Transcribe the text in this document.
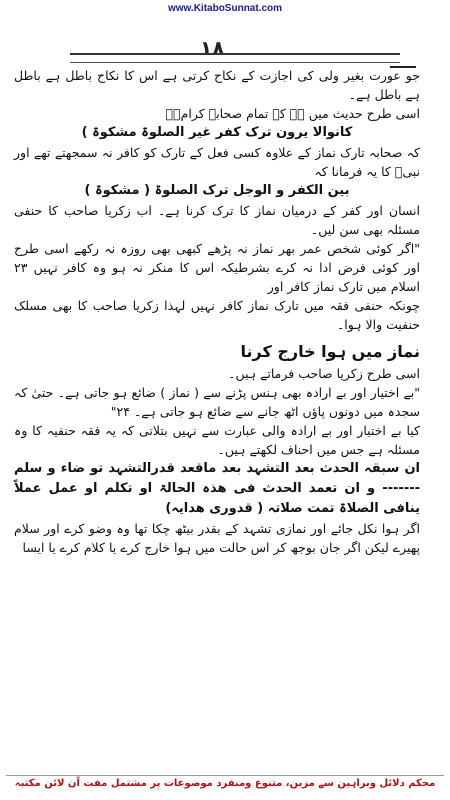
www.KitaboSunnat.com
۱۸

جو عورت بغیر ولی کی اجازت کے نکاح کرتی ہے اس کا نکاح باطل ہے باطل ہے باطل ہے۔

اسی طرح حدیث میں ہے کہ تمام صحابہ کرامؓ۔

کانوالا یرون ترک کفر غیر الصلوۃ مشکوۃ )

کہ صحابہ تارک نماز کے علاوہ کسی فعل کے تارک کو کافر نہ سمجھتے تھے اور نبیؐ کا یہ فرمانا کہ

بین الکفر و الوجل ترک الصلوۃ ( مشکوۃ )

انسان اور کفر کے درمیان نماز کا ترک کرنا ہے۔ اب زکریا صاحب کا حنفی مسئلہ بھی سن لیں۔

"اگر کوئی شخص عمر بھر نماز نہ پڑھے کبھی بھی روزہ نہ رکھے اسی طرح اور کوئی فرض ادا نہ کرے بشرطیکہ اس کا منکر نہ ہو وہ کافر نہیں ۲۳ اسلام میں تارک نماز کافر اور

چونکہ حنفی فقہ میں تارک نماز کافر نہیں لہذا زکریا صاحب کا بھی مسلک حنفیت والا ہوا۔

نماز میں ہوا خارج کرنا

اسی طرح زکریا صاحب فرماتے ہیں۔

"بے اختیار اور بے ارادہ بھی ہنس پڑنے سے ( نماز ) ضائع ہو جاتی ہے۔ حتیٰ کہ سجدہ میں دونوں پاؤں اٹھ جانے سے ضائع ہو جاتی ہے۔ ۲۴"

کیا بے اختیار اور بے ارادہ والی عبارت سے نہیں بتلاتی کہ یہ فقہ حنفیہ کا وہ مسئلہ ہے جس میں احناف لکھتے ہیں۔

ان سبقہ الحدث بعد التشہد بعد ماقعد قدرالتشہد تو ضاء و سلم ------- و ان تعمد الحدث فی ھذہ الحالۃ او تکلم او عمل عملاً ینافی الصلاۃ تمت صلاتہ ( قدوری ھدایہ)

اگر ہوا نکل جائے اور نمازی تشہد کے بقدر بیٹھ چکا تھا وہ وضو کرے اور سلام پھیرے لیکن اگر جان بوجھ کر اس حالت میں ہوا خارج کرے یا کلام کرے یا ایسا

محکم دلائل وبراہین سے مزین، متنوع ومنفرد موضوعات پر مشتمل مفت آن لائن مکتبہ
